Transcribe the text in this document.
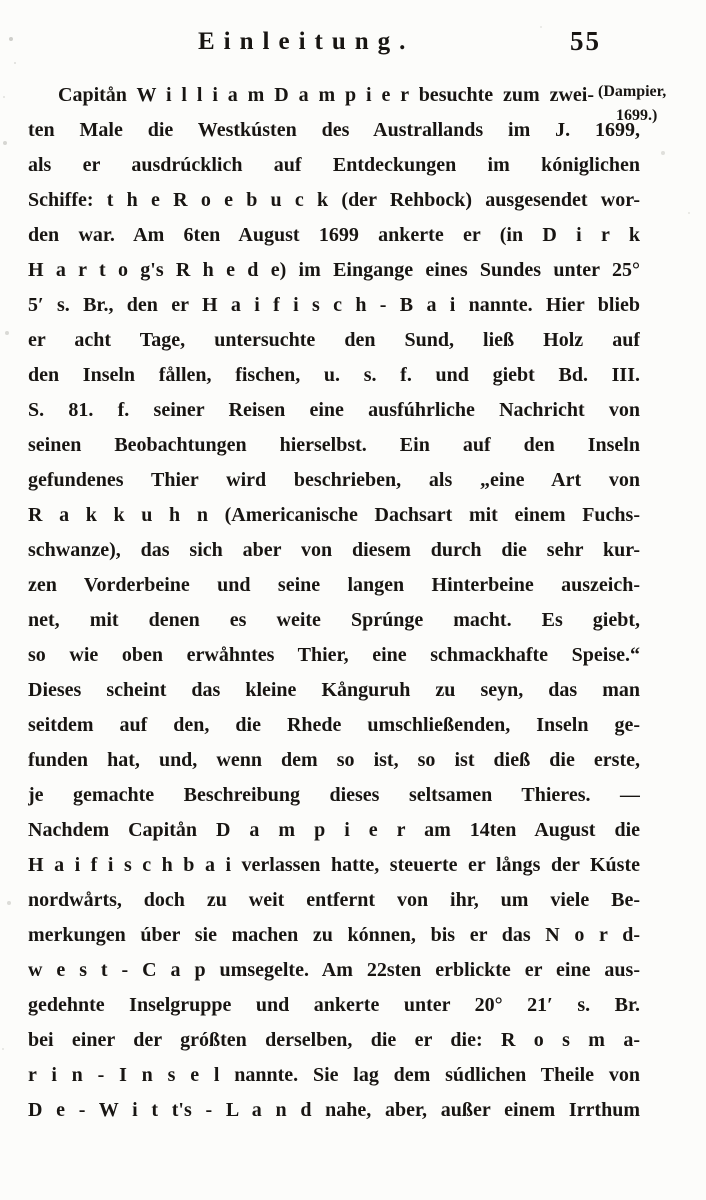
Einleitung.	55
Capitån W i l l i a m D a m p i e r besuchte zum zwei-
ten Male die Westkústen des Australlands im J. 1699,
als er ausdrúcklich auf Entdeckungen im kóniglichen
Schiffe: t h e R o e b u c k (der Rehbock) ausgesendet wor-
den war. Am 6ten August 1699 ankerte er (in D i r k
H a r t o g's R h e d e) im Eingange eines Sundes unter 25°
5′ s. Br., den er H a i f i s c h - B a i nannte. Hier blieb
er acht Tage, untersuchte den Sund, ließ Holz auf
den Inseln fållen, fischen, u. s. f. und giebt Bd. III.
S. 81. f. seiner Reisen eine ausfúhrliche Nachricht von
seinen Beobachtungen hierselbst. Ein auf den Inseln
gefundenes Thier wird beschrieben, als „eine Art von
R a k k u h n (Americanische Dachsart mit einem Fuchs-
schwanze), das sich aber von diesem durch die sehr kur-
zen Vorderbeine und seine langen Hinterbeine auszeich-
net, mit denen es weite Sprúnge macht. Es giebt,
so wie oben erwåhntes Thier, eine schmackhafte Speise.“
Dieses scheint das kleine Kånguruh zu seyn, das man
seitdem auf den, die Rhede umschließenden, Inseln ge-
funden hat, und, wenn dem so ist, so ist dieß die erste,
je gemachte Beschreibung dieses seltsamen Thieres. —
Nachdem Capitån D a m p i e r am 14ten August die
H a i f i s c h b a i verlassen hatte, steuerte er långs der Kúste
nordwårts, doch zu weit entfernt von ihr, um viele Be-
merkungen úber sie machen zu kónnen, bis er das N o r d-
w e s t - C a p umsegelte. Am 22sten erblickte er eine aus-
gedehnte Inselgruppe und ankerte unter 20° 21′ s. Br.
bei einer der gróßten derselben, die er die: R o s m a-
r i n - I n s e l nannte. Sie lag dem súdlichen Theile von
D e - W i t t's - L a n d nahe, aber, außer einem Irrthum
(Dampier,
1699.)
